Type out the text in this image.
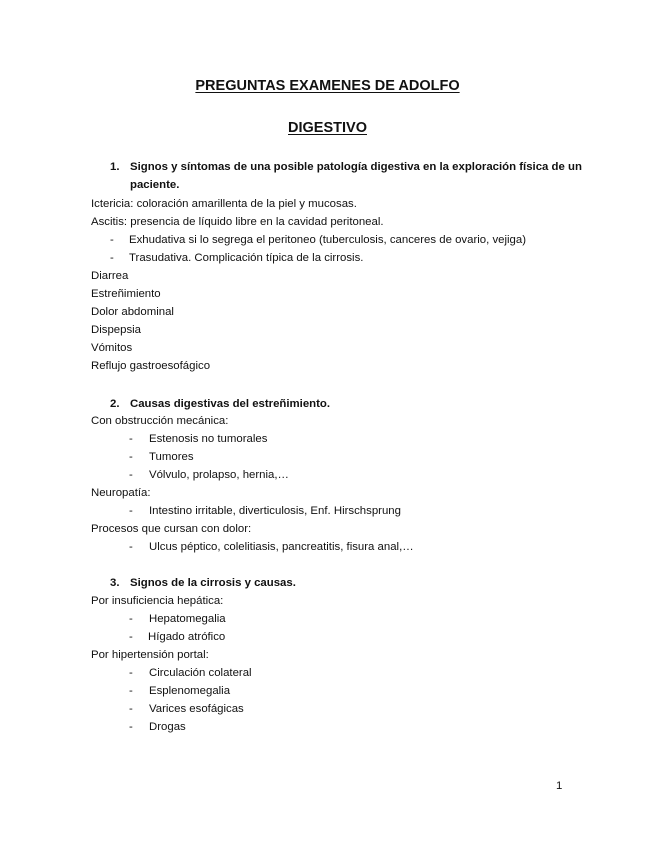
PREGUNTAS EXAMENES DE ADOLFO
DIGESTIVO
1. Signos y síntomas de una posible patología digestiva en la exploración física de un
paciente.
Ictericia: coloración amarillenta de la piel y mucosas.
Ascitis: presencia de líquido libre en la cavidad peritoneal.
- Exhudativa si lo segrega el peritoneo (tuberculosis, canceres de ovario, vejiga)
- Trasudativa. Complicación típica de la cirrosis.
Diarrea
Estreñimiento
Dolor abdominal
Dispepsia
Vómitos
Reflujo gastroesofágico
2. Causas digestivas del estreñimiento.
Con obstrucción mecánica:
- Estenosis no tumorales
- Tumores
- Vólvulo, prolapso, hernia,…
Neuropatía:
- Intestino irritable, diverticulosis, Enf. Hirschsprung
Procesos que cursan con dolor:
- Ulcus péptico, colelitiasis, pancreatitis, fisura anal,…
3. Signos de la cirrosis y causas.
Por insuficiencia hepática:
- Hepatomegalia
- Hígado atrófico
Por hipertensión portal:
- Circulación colateral
- Esplenomegalia
- Varices esofágicas
- Drogas
1
